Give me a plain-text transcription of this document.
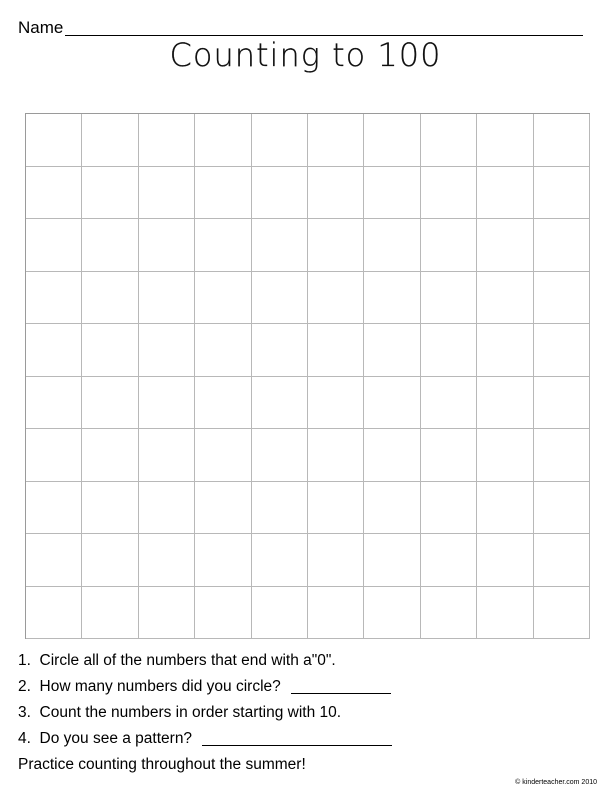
Name
Counting to 100
1.  Circle all of the numbers that end with a"0".
2.  How many numbers did you circle?
3.  Count the numbers in order starting with 10.
4.  Do you see a pattern?
Practice counting throughout the summer!
© kinderteacher.com 2010
